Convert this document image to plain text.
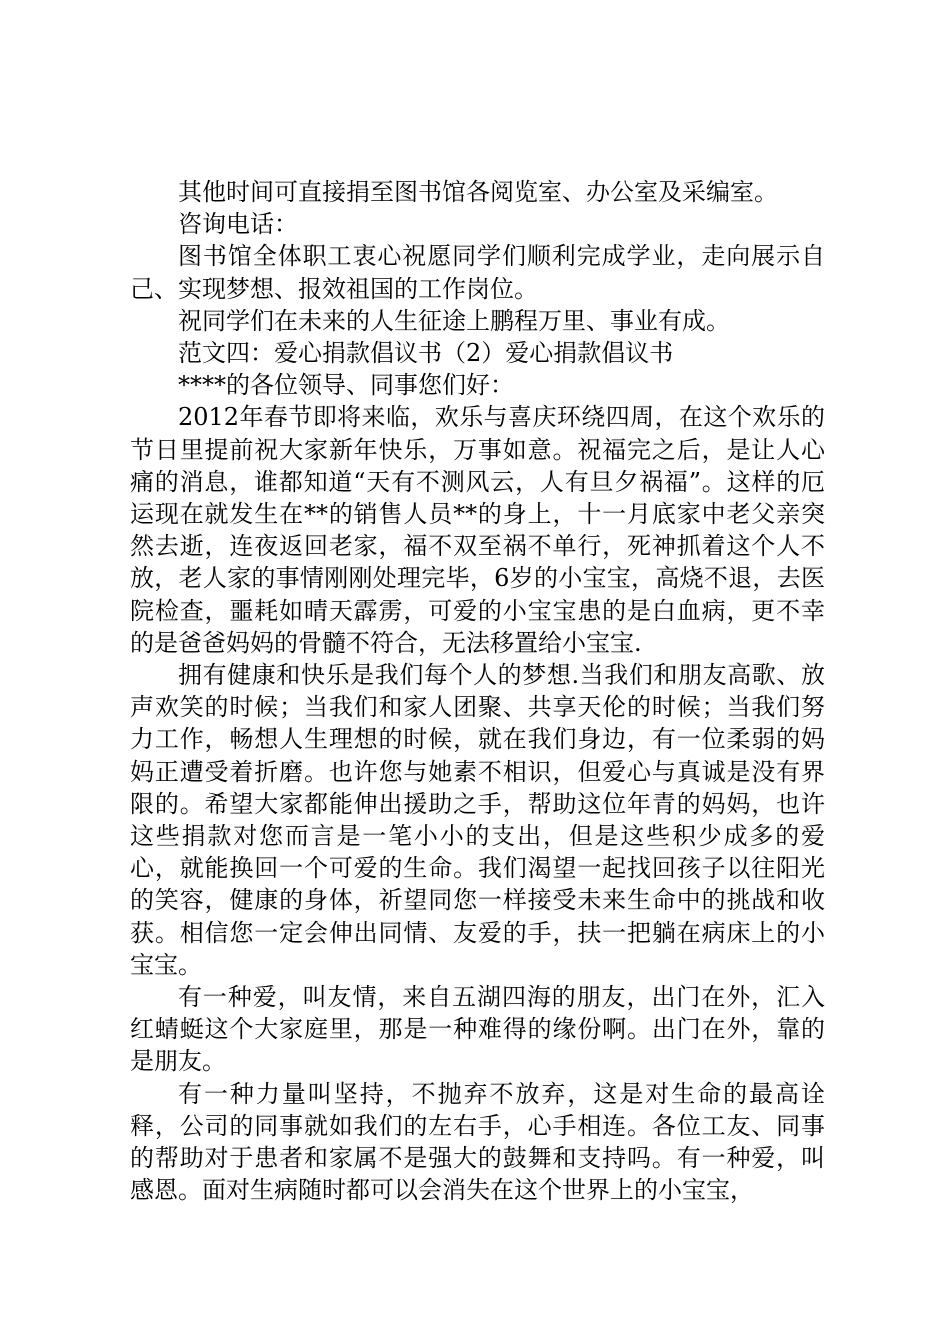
其他时间可直接捐至图书馆各阅览室、办公室及采编室。

咨询电话：

图书馆全体职工衷心祝愿同学们顺利完成学业，走向展示自己、实现梦想、报效祖国的工作岗位。

祝同学们在未来的人生征途上鹏程万里、事业有成。

范文四：爱心捐款倡议书（2）爱心捐款倡议书

****的各位领导、同事您们好：

2012年春节即将来临，欢乐与喜庆环绕四周，在这个欢乐的节日里提前祝大家新年快乐，万事如意。祝福完之后，是让人心痛的消息，谁都知道“天有不测风云，人有旦夕祸福”。这样的厄运现在就发生在**的销售人员**的身上，十一月底家中老父亲突然去逝，连夜返回老家，福不双至祸不单行，死神抓着这个人不放，老人家的事情刚刚处理完毕，6岁的小宝宝，高烧不退，去医院检查，噩耗如晴天霹雳，可爱的小宝宝患的是白血病，更不幸的是爸爸妈妈的骨髓不符合，无法移置给小宝宝.

拥有健康和快乐是我们每个人的梦想.当我们和朋友高歌、放声欢笑的时候；当我们和家人团聚、共享天伦的时候；当我们努力工作，畅想人生理想的时候，就在我们身边，有一位柔弱的妈妈正遭受着折磨。也许您与她素不相识，但爱心与真诚是没有界限的。希望大家都能伸出援助之手，帮助这位年青的妈妈，也许这些捐款对您而言是一笔小小的支出，但是这些积少成多的爱心，就能换回一个可爱的生命。我们渴望一起找回孩子以往阳光的笑容，健康的身体，祈望同您一样接受未来生命中的挑战和收获。相信您一定会伸出同情、友爱的手，扶一把躺在病床上的小宝宝。

有一种爱，叫友情，来自五湖四海的朋友，出门在外，汇入红蜻蜓这个大家庭里，那是一种难得的缘份啊。出门在外，靠的是朋友。

有一种力量叫坚持，不抛弃不放弃，这是对生命的最高诠释，公司的同事就如我们的左右手，心手相连。各位工友、同事的帮助对于患者和家属不是强大的鼓舞和支持吗。有一种爱，叫感恩。面对生病随时都可以会消失在这个世界上的小宝宝，
